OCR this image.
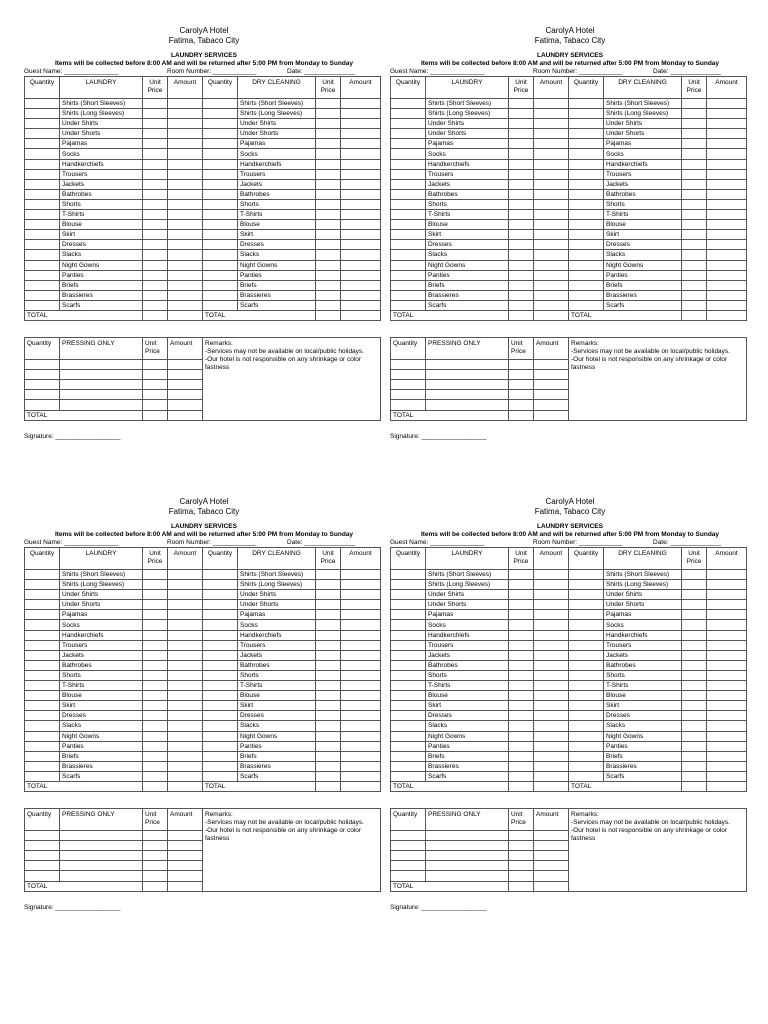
CarolyA Hotel
Fatima, Tabaco City
LAUNDRY SERVICES
Items will be collected before 8:00 AM and will be returned after 5:00 PM from Monday to Sunday
Guest Name: _______________	Room Number: ____________	Date: ______________
Quantity	LAUNDRY	Unit Price	Amount	Quantity	DRY CLEANING	Unit Price	Amount
	Shirts (Short Sleeves)				Shirts (Short Sleeves)		
	Shirts (Long Sleeves)				Shirts (Long Sleeves)		
	Under Shirts				Under Shirts		
	Under Shorts				Under Shorts		
	Pajamas				Pajamas		
	Socks				Socks		
	Handkerchiefs				Handkerchiefs		
	Trousers				Trousers		
	Jackets				Jackets		
	Bathrobes				Bathrobes		
	Shorts				Shorts		
	T-Shirts				T-Shirts		
	Blouse				Blouse		
	Skirt				Skirt		
	Dresses				Dresses		
	Slacks				Slacks		
	Night Gowns				Night Gowns		
	Panties				Panties		
	Briefs				Briefs		
	Brassieres				Brassieres		
	Scarfs				Scarfs		
TOTAL				TOTAL			
Quantity	PRESSING ONLY	Unit Price	Amount	Remarks:
-Services may not be available on local/public holidays.
-Our hotel is not responsible on any shrinkage or color fastness

TOTAL				
Signature: __________________
CarolyA Hotel
Fatima, Tabaco City
LAUNDRY SERVICES
Items will be collected before 8:00 AM and will be returned after 5:00 PM from Monday to Sunday
Guest Name: _______________	Room Number: ____________	Date: ______________
Quantity	LAUNDRY	Unit Price	Amount	Quantity	DRY CLEANING	Unit Price	Amount
	Shirts (Short Sleeves)				Shirts (Short Sleeves)		
	Shirts (Long Sleeves)				Shirts (Long Sleeves)		
	Under Shirts				Under Shirts		
	Under Shorts				Under Shorts		
	Pajamas				Pajamas		
	Socks				Socks		
	Handkerchiefs				Handkerchiefs		
	Trousers				Trousers		
	Jackets				Jackets		
	Bathrobes				Bathrobes		
	Shorts				Shorts		
	T-Shirts				T-Shirts		
	Blouse				Blouse		
	Skirt				Skirt		
	Dresses				Dresses		
	Slacks				Slacks		
	Night Gowns				Night Gowns		
	Panties				Panties		
	Briefs				Briefs		
	Brassieres				Brassieres		
	Scarfs				Scarfs		
TOTAL				TOTAL			
Quantity	PRESSING ONLY	Unit Price	Amount	Remarks:
-Services may not be available on local/public holidays.
-Our hotel is not responsible on any shrinkage or color fastness

TOTAL				
Signature: __________________
CarolyA Hotel
Fatima, Tabaco City
LAUNDRY SERVICES
Items will be collected before 8:00 AM and will be returned after 5:00 PM from Monday to Sunday
Guest Name: _______________	Room Number: ____________	Date: ______________
Quantity	LAUNDRY	Unit Price	Amount	Quantity	DRY CLEANING	Unit Price	Amount
	Shirts (Short Sleeves)				Shirts (Short Sleeves)		
	Shirts (Long Sleeves)				Shirts (Long Sleeves)		
	Under Shirts				Under Shirts		
	Under Shorts				Under Shorts		
	Pajamas				Pajamas		
	Socks				Socks		
	Handkerchiefs				Handkerchiefs		
	Trousers				Trousers		
	Jackets				Jackets		
	Bathrobes				Bathrobes		
	Shorts				Shorts		
	T-Shirts				T-Shirts		
	Blouse				Blouse		
	Skirt				Skirt		
	Dresses				Dresses		
	Slacks				Slacks		
	Night Gowns				Night Gowns		
	Panties				Panties		
	Briefs				Briefs		
	Brassieres				Brassieres		
	Scarfs				Scarfs		
TOTAL				TOTAL			
Quantity	PRESSING ONLY	Unit Price	Amount	Remarks:
-Services may not be available on local/public holidays.
-Our hotel is not responsible on any shrinkage or color fastness

TOTAL				
Signature: __________________
CarolyA Hotel
Fatima, Tabaco City
LAUNDRY SERVICES
Items will be collected before 8:00 AM and will be returned after 5:00 PM from Monday to Sunday
Guest Name: _______________	Room Number: ____________	Date: ______________
Quantity	LAUNDRY	Unit Price	Amount	Quantity	DRY CLEANING	Unit Price	Amount
	Shirts (Short Sleeves)				Shirts (Short Sleeves)		
	Shirts (Long Sleeves)				Shirts (Long Sleeves)		
	Under Shirts				Under Shirts		
	Under Shorts				Under Shorts		
	Pajamas				Pajamas		
	Socks				Socks		
	Handkerchiefs				Handkerchiefs		
	Trousers				Trousers		
	Jackets				Jackets		
	Bathrobes				Bathrobes		
	Shorts				Shorts		
	T-Shirts				T-Shirts		
	Blouse				Blouse		
	Skirt				Skirt		
	Dresses				Dresses		
	Slacks				Slacks		
	Night Gowns				Night Gowns		
	Panties				Panties		
	Briefs				Briefs		
	Brassieres				Brassieres		
	Scarfs				Scarfs		
TOTAL				TOTAL			
Quantity	PRESSING ONLY	Unit Price	Amount	Remarks:
-Services may not be available on local/public holidays.
-Our hotel is not responsible on any shrinkage or color fastness

TOTAL				
Signature: __________________
